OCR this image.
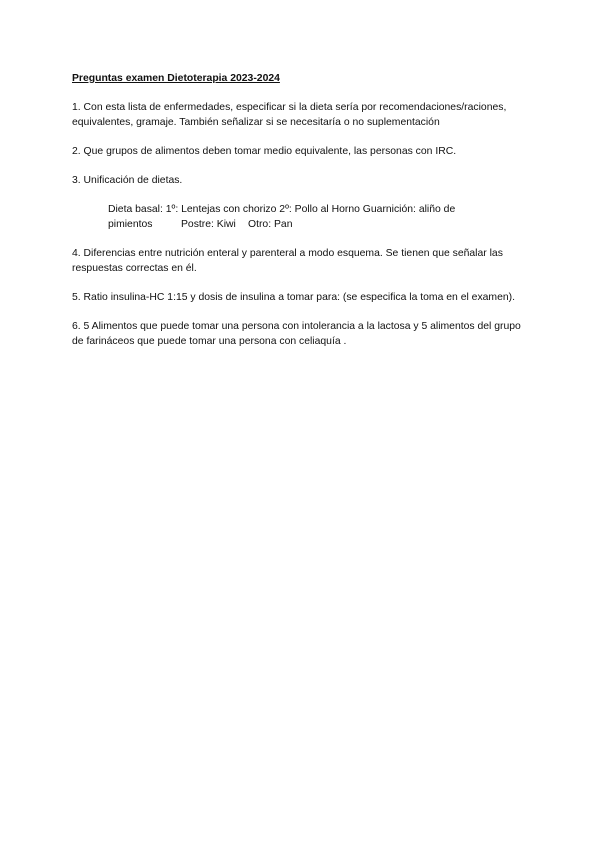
Preguntas examen Dietoterapia 2023-2024
1. Con esta lista de enfermedades, especificar si la dieta sería por recomendaciones/raciones, equivalentes, gramaje. También señalizar si se necesitaría o no suplementación
2. Que grupos de alimentos deben tomar medio equivalente, las personas con IRC.
3. Unificación de dietas.
Dieta basal: 1º: Lentejas con chorizo 2º: Pollo al Horno Guarnición: aliño de
pimientos	Postre: Kiwi	Otro: Pan
4. Diferencias entre nutrición enteral y parenteral a modo esquema. Se tienen que señalar las respuestas correctas en él.
5. Ratio insulina-HC 1:15 y dosis de insulina a tomar para: (se especifica la toma en el examen).
6. 5 Alimentos que puede tomar una persona con intolerancia a la lactosa y 5 alimentos del grupo de farináceos que puede tomar una persona con celiaquía .
